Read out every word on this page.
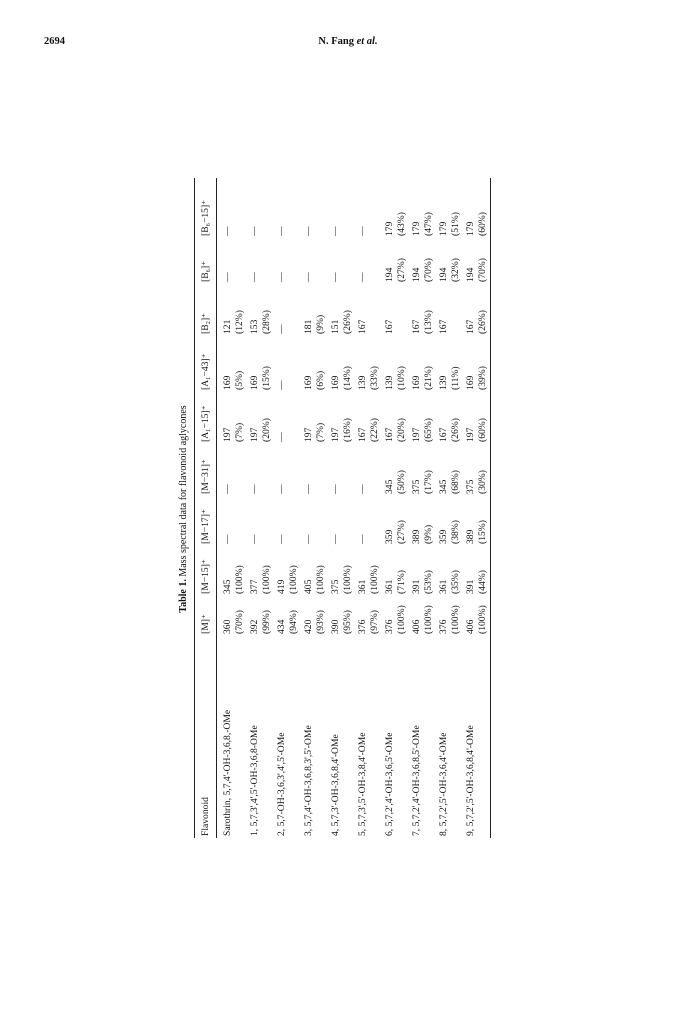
2694	N. Fang et al.
Table 1. Mass spectral data for flavonoid aglycones
Flavonoid
[M]⁺
[M−15]⁺
[M−17]⁺
[M−31]⁺
[A₁−15]⁺
[A₁−43]⁺
[B₂]⁺
[B₆]⁺
[B₆−15]⁺
Sarothrin, 5,7,4'-OH-3,6,8,-OMe
360 (70%)
345 (100%)
—
—
197 (7%)
169 (5%)
121 (12%)
—
—
1, 5,7,3',4',5'-OH-3,6,8-OMe
392 (99%)
377 (100%)
—
—
197 (20%)
169 (15%)
153 (28%)
—
—
2, 5,7-OH-3,6,3',4',5'-OMe
434 (94%)
419 (100%)
—
—
—
—
—
—
—
3, 5,7,4'-OH-3,6,8,3',5'-OMe
420 (93%)
405 (100%)
—
—
197 (7%)
169 (6%)
181 (9%)
—
—
4, 5,7,3'-OH-3,6,8,4'-OMe
390 (95%)
375 (100%)
—
—
197 (16%)
169 (14%)
151 (26%)
—
—
5, 5,7,3',5'-OH-3,8,4'-OMe
376 (97%)
361 (100%)
—
—
167 (22%)
139 (33%)
167
—
—
6, 5,7,2',4'-OH-3,6,5'-OMe
376 (100%)
361 (71%)
359 (27%)
345 (50%)
167 (20%)
139 (10%)
167
194 (27%)
179 (43%)
7, 5,7,2',4'-OH-3,6,8,5'-OMe
406 (100%)
391 (53%)
389 (9%)
375 (17%)
197 (65%)
169 (21%)
167 (13%)
194 (70%)
179 (47%)
8, 5,7,2',5'-OH-3,6,4'-OMe
376 (100%)
361 (35%)
359 (38%)
345 (68%)
167 (26%)
139 (11%)
167
194 (32%)
179 (51%)
9, 5,7,2',5'-OH-3,6,8,4'-OMe
406 (100%)
391 (44%)
389 (15%)
375 (30%)
197 (60%)
169 (39%)
167 (26%)
194 (70%)
179 (60%)
